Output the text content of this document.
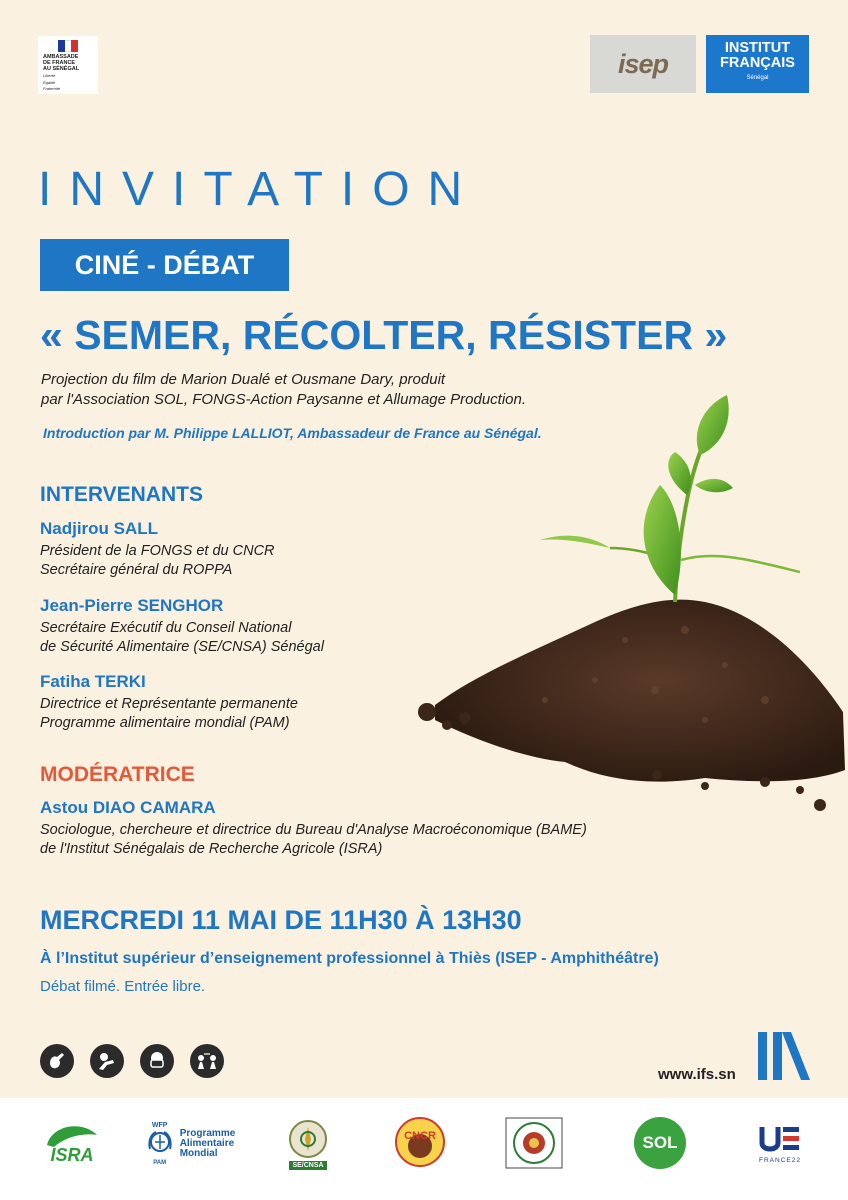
AMBASSADE
DE FRANCE
AU SÉNÉGAL
Liberté
Égalité
Fraternité
isep
INSTITUT
FRANÇAIS
Sénégal
INVITATION
CINÉ - DÉBAT
« SEMER, RÉCOLTER, RÉSISTER »
Projection du film de Marion Dualé et Ousmane Dary, produit
par l'Association SOL, FONGS-Action Paysanne et Allumage Production.
Introduction par M. Philippe LALLIOT, Ambassadeur de France au Sénégal.
INTERVENANTS
Nadjirou SALL
Président de la FONGS et du CNCR
Secrétaire général du ROPPA
Jean-Pierre SENGHOR
Secrétaire Exécutif du Conseil National
de Sécurité Alimentaire (SE/CNSA) Sénégal
Fatiha TERKI
Directrice et Représentante permanente
Programme alimentaire mondial (PAM)
MODÉRATRICE
Astou DIAO CAMARA
Sociologue, chercheure et directrice du Bureau d'Analyse Macroéconomique (BAME)
de l'Institut Sénégalais de Recherche Agricole (ISRA)
MERCREDI 11 MAI DE 11H30 À 13H30
À l’Institut supérieur d’enseignement professionnel à Thiès (ISEP - Amphithéâtre)
Débat filmé. Entrée libre.
www.ifs.sn
ISRA
WFP
PAM
Programme
Alimentaire
Mondial
SE/CNSA
CNCR	SOL
FRANCE22
